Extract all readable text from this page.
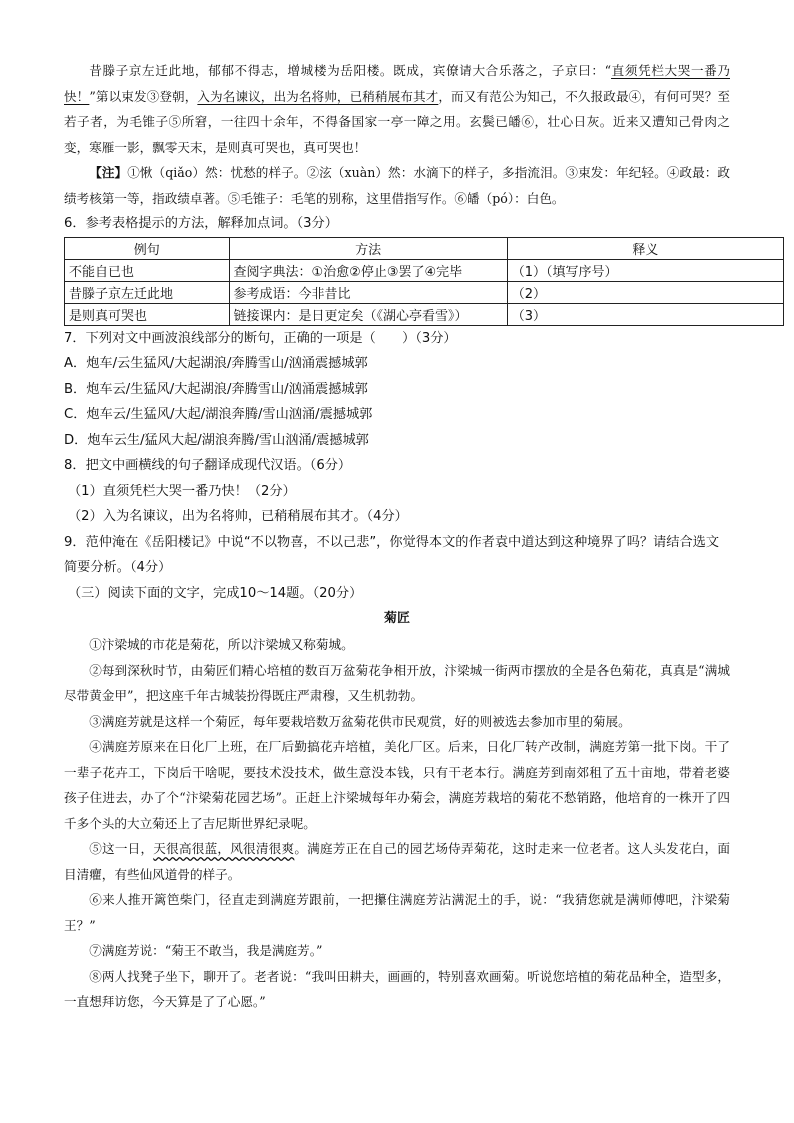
昔滕子京左迁此地，郁郁不得志，增城楼为岳阳楼。既成，宾僚请大合乐落之，子京曰：“直须凭栏大哭一番乃快！”第以束发③登朝，入为名谏议，出为名将帅，已稍稍展布其才，而又有范公为知己，不久报政最④，有何可哭？至若子者，为毛锥子⑤所窘，一往四十余年，不得备国家一亭一障之用。玄鬓已皤⑥，壮心日灰。近来又遭知己骨肉之变，寒雁一影，飘零天末，是则真可哭也，真可哭也！
【注】①愀（qiǎo）然：忧愁的样子。②泫（xuàn）然：水滴下的样子，多指流泪。③束发：年纪轻。④政最：政绩考核第一等，指政绩卓著。⑤毛锥子：毛笔的别称，这里借指写作。⑥皤（pó）：白色。
6．参考表格提示的方法，解释加点词。（3分）
例句	方法	释义
不能自已也	查阅字典法：①治愈②停止③罢了④完毕	（1）（填写序号）
昔滕子京左迁此地	参考成语：今非昔比	（2）
是则真可哭也	链接课内：是日更定矣（《湖心亭看雪》）	（3）
7．下列对文中画波浪线部分的断句，正确的一项是（　　）（3分）
A．炮车/云生猛风/大起湖浪/奔腾雪山/汹涌震撼城郭
B．炮车云/生猛风/大起湖浪/奔腾雪山/汹涌震撼城郭
C．炮车云/生猛风/大起/湖浪奔腾/雪山汹涌/震撼城郭
D．炮车云生/猛风大起/湖浪奔腾/雪山汹涌/震撼城郭
8．把文中画横线的句子翻译成现代汉语。（6分）
（1）直须凭栏大哭一番乃快！（2分）
（2）入为名谏议，出为名将帅，已稍稍展布其才。（4分）
9．范仲淹在《岳阳楼记》中说“不以物喜，不以己悲”，你觉得本文的作者袁中道达到这种境界了吗？请结合选文简要分析。（4分）
（三）阅读下面的文字，完成10～14题。（20分）
菊匠
①汴梁城的市花是菊花，所以汴梁城又称菊城。
②每到深秋时节，由菊匠们精心培植的数百万盆菊花争相开放，汴梁城一街两市摆放的全是各色菊花，真真是“满城尽带黄金甲”，把这座千年古城装扮得既庄严肃穆，又生机勃勃。
③满庭芳就是这样一个菊匠，每年要栽培数万盆菊花供市民观赏，好的则被选去参加市里的菊展。
④满庭芳原来在日化厂上班，在厂后勤搞花卉培植，美化厂区。后来，日化厂转产改制，满庭芳第一批下岗。干了一辈子花卉工，下岗后干啥呢，要技术没技术，做生意没本钱，只有干老本行。满庭芳到南郊租了五十亩地，带着老婆孩子住进去，办了个“汴梁菊花园艺场”。正赶上汴梁城每年办菊会，满庭芳栽培的菊花不愁销路，他培育的一株开了四千多个头的大立菊还上了吉尼斯世界纪录呢。
⑤这一日，天很高很蓝，风很清很爽。满庭芳正在自己的园艺场侍弄菊花，这时走来一位老者。这人头发花白，面目清癯，有些仙风道骨的样子。
⑥来人推开篱笆柴门，径直走到满庭芳跟前，一把攥住满庭芳沾满泥土的手，说：“我猜您就是满师傅吧，汴梁菊王？”
⑦满庭芳说：“菊王不敢当，我是满庭芳。”
⑧两人找凳子坐下，聊开了。老者说：“我叫田耕夫，画画的，特别喜欢画菊。听说您培植的菊花品种全，造型多，一直想拜访您，今天算是了了心愿。”
